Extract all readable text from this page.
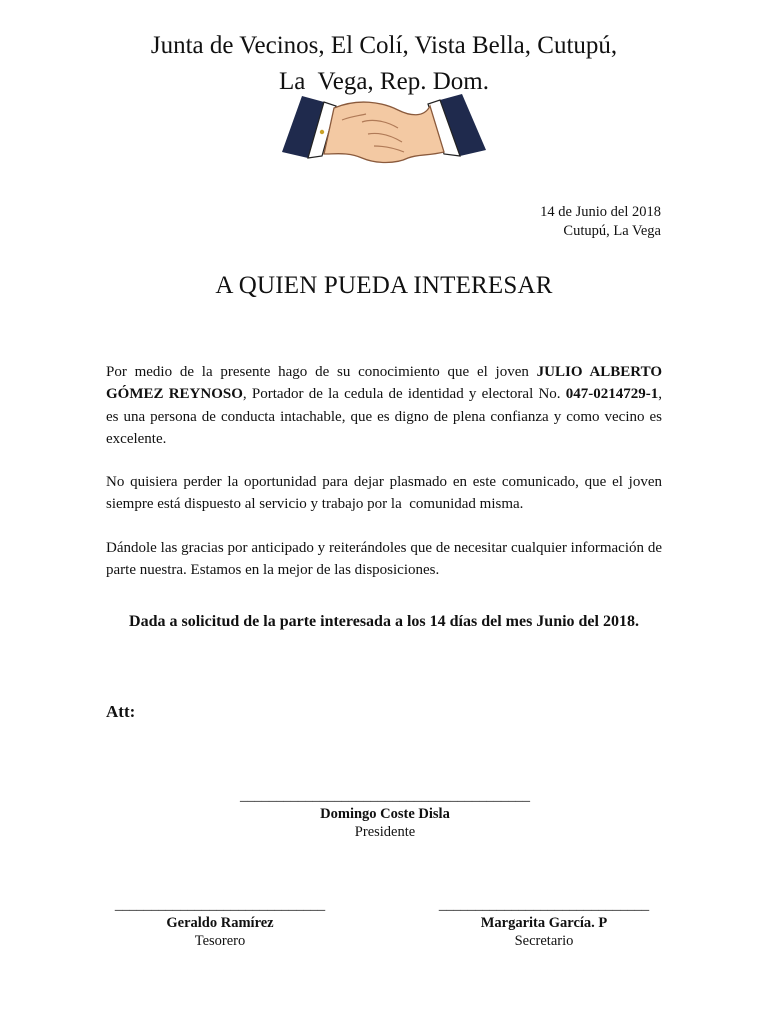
Junta de Vecinos, El Colí, Vista Bella, Cutupú,
La  Vega, Rep. Dom.
14 de Junio del 2018
Cutupú, La Vega
A QUIEN PUEDA INTERESAR
Por medio de la presente hago de su conocimiento que el joven JULIO ALBERTO GÓMEZ REYNOSO, Portador de la cedula de identidad y electoral No. 047-0214729-1, es una persona de conducta intachable, que es digno de plena confianza y como vecino es excelente.
No quisiera perder la oportunidad para dejar plasmado en este comunicado, que el joven siempre está dispuesto al servicio y trabajo por la  comunidad misma.
Dándole las gracias por anticipado y reiterándoles que de necesitar cualquier información de parte nuestra. Estamos en la mejor de las disposiciones.
Dada a solicitud de la parte interesada a los 14 días del mes Junio del 2018.
Att:
________________________________________
Domingo Coste Disla
Presidente
_____________________________
Geraldo Ramírez
Tesorero
_____________________________
Margarita García. P
Secretario
